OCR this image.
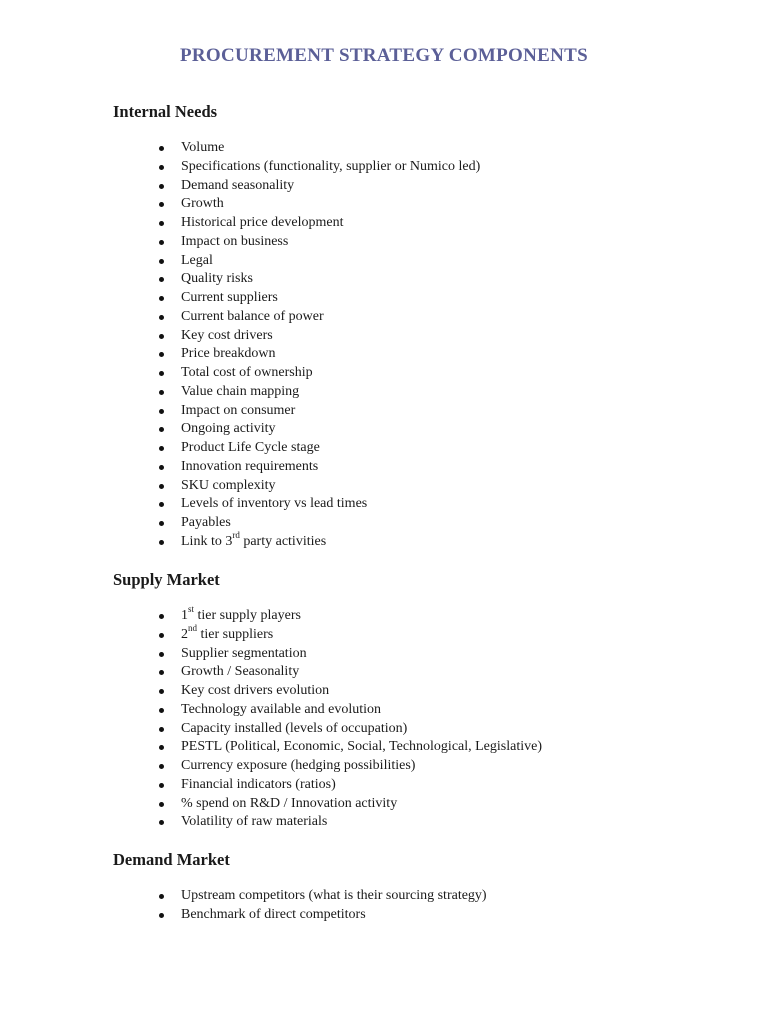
PROCUREMENT STRATEGY COMPONENTS
Internal Needs
Volume
Specifications (functionality, supplier or Numico led)
Demand seasonality
Growth
Historical price development
Impact on business
Legal
Quality risks
Current suppliers
Current balance of power
Key cost drivers
Price breakdown
Total cost of ownership
Value chain mapping
Impact on consumer
Ongoing activity
Product Life Cycle stage
Innovation requirements
SKU complexity
Levels of inventory vs lead times
Payables
Link to 3rd party activities
Supply Market
1st tier supply players
2nd tier suppliers
Supplier segmentation
Growth / Seasonality
Key cost drivers evolution
Technology available and evolution
Capacity installed (levels of occupation)
PESTL (Political, Economic, Social, Technological, Legislative)
Currency exposure (hedging possibilities)
Financial indicators (ratios)
% spend on R&D / Innovation activity
Volatility of raw materials
Demand Market
Upstream competitors (what is their sourcing strategy)
Benchmark of direct competitors
